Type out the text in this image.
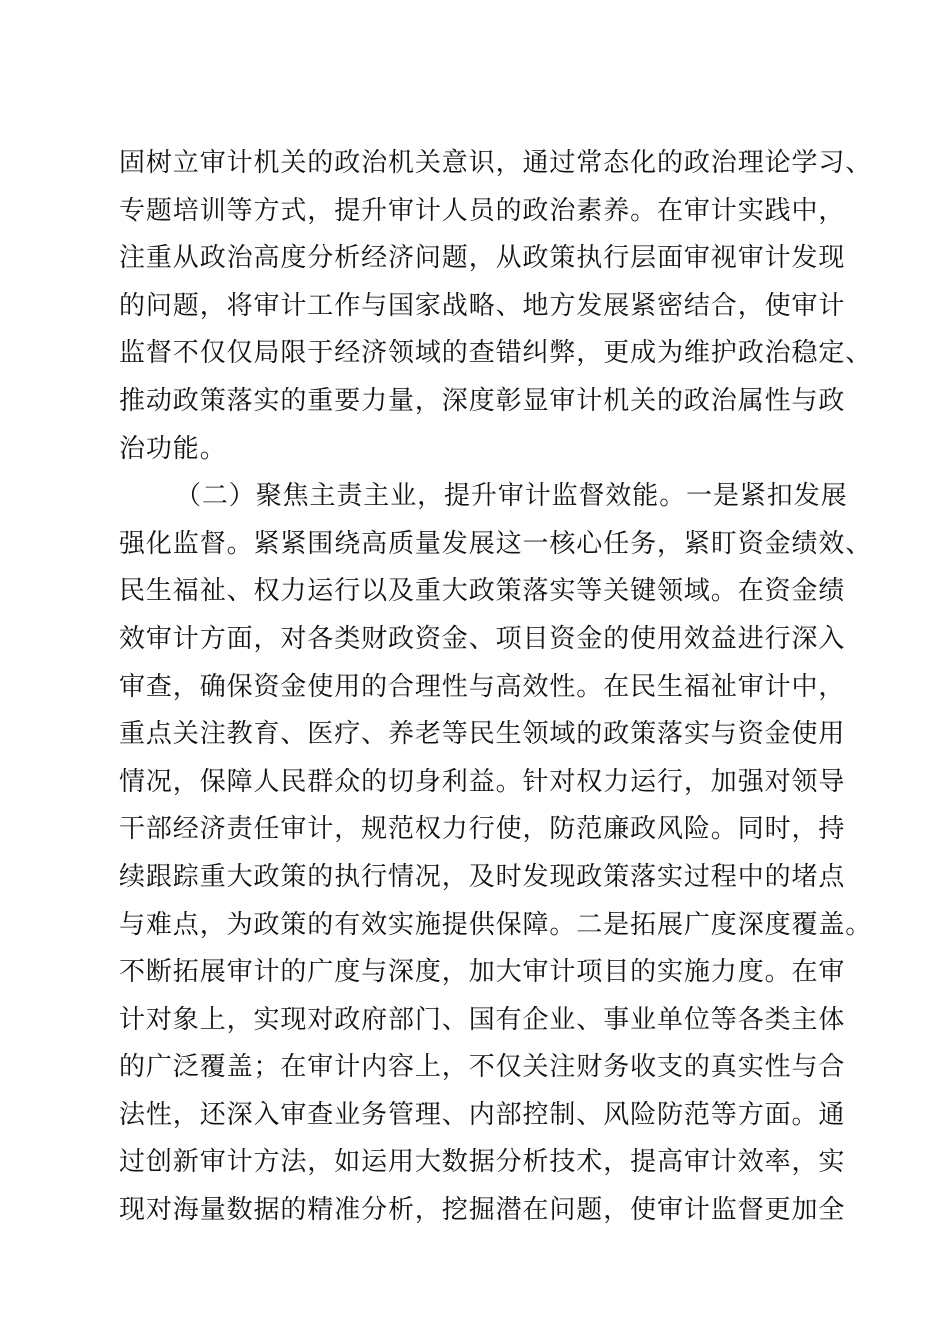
固树立审计机关的政治机关意识，通过常态化的政治理论学习、
专题培训等方式，提升审计人员的政治素养。在审计实践中，
注重从政治高度分析经济问题，从政策执行层面审视审计发现
的问题，将审计工作与国家战略、地方发展紧密结合，使审计
监督不仅仅局限于经济领域的查错纠弊，更成为维护政治稳定、
推动政策落实的重要力量，深度彰显审计机关的政治属性与政
治功能。
（二）聚焦主责主业，提升审计监督效能。一是紧扣发展
强化监督。紧紧围绕高质量发展这一核心任务，紧盯资金绩效、
民生福祉、权力运行以及重大政策落实等关键领域。在资金绩
效审计方面，对各类财政资金、项目资金的使用效益进行深入
审查，确保资金使用的合理性与高效性。在民生福祉审计中，
重点关注教育、医疗、养老等民生领域的政策落实与资金使用
情况，保障人民群众的切身利益。针对权力运行，加强对领导
干部经济责任审计，规范权力行使，防范廉政风险。同时，持
续跟踪重大政策的执行情况，及时发现政策落实过程中的堵点
与难点，为政策的有效实施提供保障。二是拓展广度深度覆盖。
不断拓展审计的广度与深度，加大审计项目的实施力度。在审
计对象上，实现对政府部门、国有企业、事业单位等各类主体
的广泛覆盖；在审计内容上，不仅关注财务收支的真实性与合
法性，还深入审查业务管理、内部控制、风险防范等方面。通
过创新审计方法，如运用大数据分析技术，提高审计效率，实
现对海量数据的精准分析，挖掘潜在问题，使审计监督更加全
